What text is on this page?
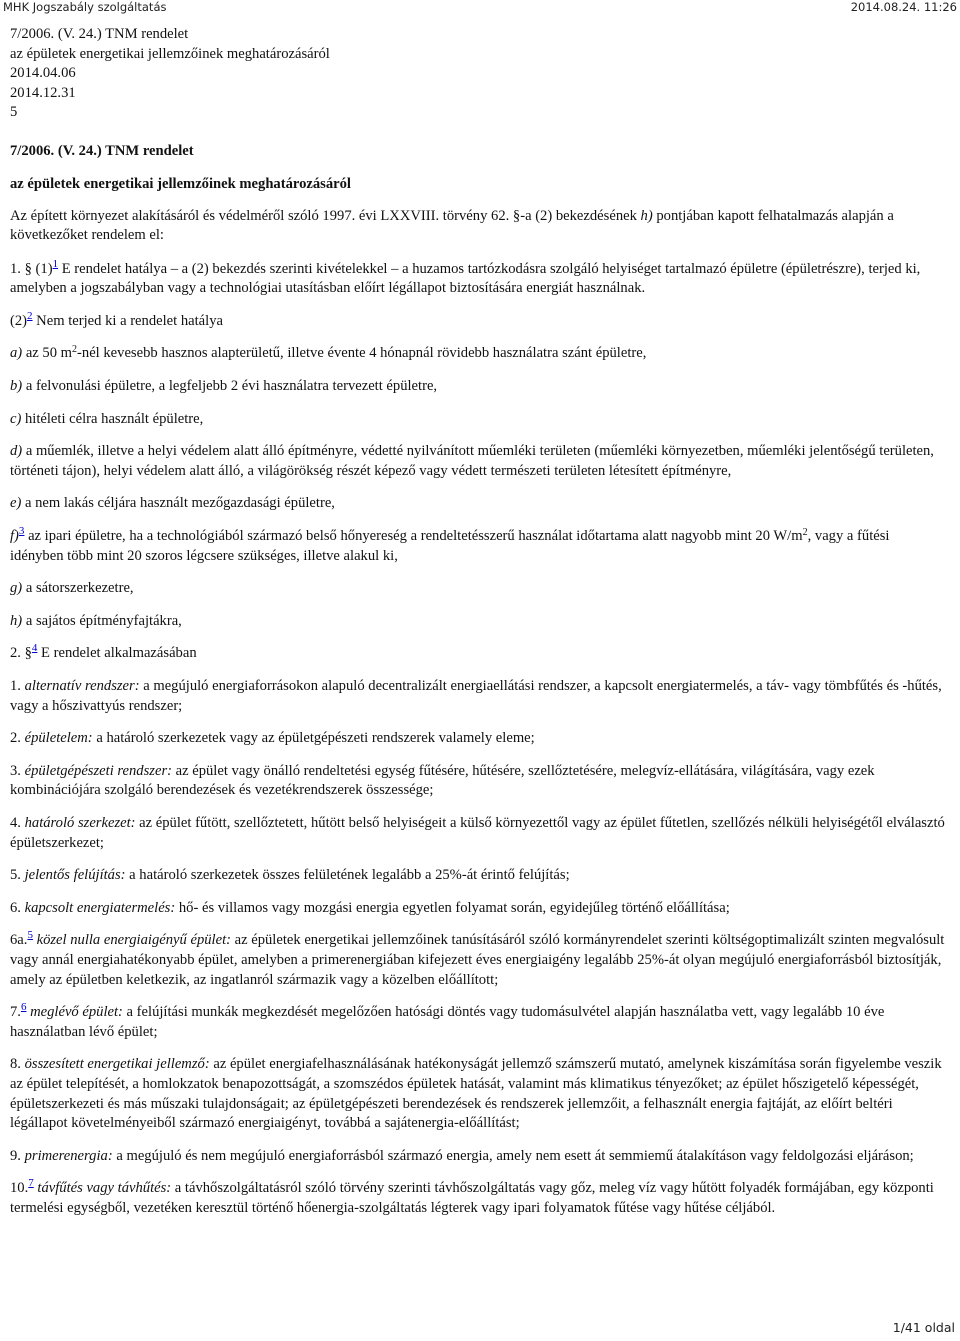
MHK Jogszabály szolgáltatás	2014.08.24. 11:26
7/2006. (V. 24.) TNM rendelet
az épületek energetikai jellemzőinek meghatározásáról
2014.04.06
2014.12.31
5
7/2006. (V. 24.) TNM rendelet
az épületek energetikai jellemzőinek meghatározásáról

Az épített környezet alakításáról és védelméről szóló 1997. évi LXXVIII. törvény 62. §-a (2) bekezdésének h) pontjában kapott felhatalmazás alapján a következőket rendelem el:

1. § (1)$^1$ E rendelet hatálya – a (2) bekezdés szerinti kivételekkel – a huzamos tartózkodásra szolgáló helyiséget tartalmazó épületre (épületrészre), terjed ki, amelyben a jogszabályban vagy a technológiai utasításban előírt légállapot biztosítására energiát használnak.

(2)$^2$ Nem terjed ki a rendelet hatálya

a) az 50 $m^2$-nél kevesebb hasznos alapterületű, illetve évente 4 hónapnál rövidebb használatra szánt épületre,

b) a felvonulási épületre, a legfeljebb 2 évi használatra tervezett épületre,

c) hitéleti célra használt épületre,

d) a műemlék, illetve a helyi védelem alatt álló építményre, védetté nyilvánított műemléki területen (műemléki környezetben, műemléki jelentőségű területen, történeti tájon), helyi védelem alatt álló, a világörökség részét képező vagy védett természeti területen létesített építményre,

e) a nem lakás céljára használt mezőgazdasági épületre,

f)$^3$ az ipari épületre, ha a technológiából származó belső hőnyereség a rendeltetésszerű használat időtartama alatt nagyobb mint 20 $W/m^2$, vagy a fűtési idényben több mint 20 szoros légcsere szükséges, illetve alakul ki,

g) a sátorszerkezetre,

h) a sajátos építményfajtákra,

2. §$^4$ E rendelet alkalmazásában

1. alternatív rendszer: a megújuló energiaforrásokon alapuló decentralizált energiaellátási rendszer, a kapcsolt energiatermelés, a táv- vagy tömbfűtés és -hűtés, vagy a hőszivattyús rendszer;

2. épületelem: a határoló szerkezetek vagy az épületgépészeti rendszerek valamely eleme;

3. épületgépészeti rendszer: az épület vagy önálló rendeltetési egység fűtésére, hűtésére, szellőztetésére, melegvíz-ellátására, világítására, vagy ezek kombinációjára szolgáló berendezések és vezetékrendszerek összessége;

4. határoló szerkezet: az épület fűtött, szellőztetett, hűtött belső helyiségeit a külső környezettől vagy az épület fűtetlen, szellőzés nélküli helyiségétől elválasztó épületszerkezet;

5. jelentős felújítás: a határoló szerkezetek összes felületének legalább a 25%-át érintő felújítás;

6. kapcsolt energiatermelés: hő- és villamos vagy mozgási energia egyetlen folyamat során, egyidejűleg történő előállítása;

6a.$^5$ közel nulla energiaigényű épület: az épületek energetikai jellemzőinek tanúsításáról szóló kormányrendelet szerinti költségoptimalizált szinten megvalósult vagy annál energiahatékonyabb épület, amelyben a primerenergiában kifejezett éves energiaigény legalább 25%-át olyan megújuló energiaforrásból biztosítják, amely az épületben keletkezik, az ingatlanról származik vagy a közelben előállított;

7.$^6$ meglévő épület: a felújítási munkák megkezdését megelőzően hatósági döntés vagy tudomásulvétel alapján használatba vett, vagy legalább 10 éve használatban lévő épület;

8. összesített energetikai jellemző: az épület energiafelhasználásának hatékonyságát jellemző számszerű mutató, amelynek kiszámítása során figyelembe veszik az épület telepítését, a homlokzatok benapozottságát, a szomszédos épületek hatását, valamint más klimatikus tényezőket; az épület hőszigetelő képességét, épületszerkezeti és más műszaki tulajdonságait; az épületgépészeti berendezések és rendszerek jellemzőit, a felhasznált energia fajtáját, az előírt beltéri légállapot követelményeiből származó energiaigényt, továbbá a sajátenergia-előállítást;

9. primerenergia: a megújuló és nem megújuló energiaforrásból származó energia, amely nem esett át semmiemű átalakításon vagy feldolgozási eljáráson;

10.$^7$ távfűtés vagy távhűtés: a távhőszolgáltatásról szóló törvény szerinti távhőszolgáltatás vagy gőz, meleg víz vagy hűtött folyadék formájában, egy központi termelési egységből, vezetéken keresztül történő hőenergia-szolgáltatás légterek vagy ipari folyamatok fűtése vagy hűtése céljából.

1/41 oldal
